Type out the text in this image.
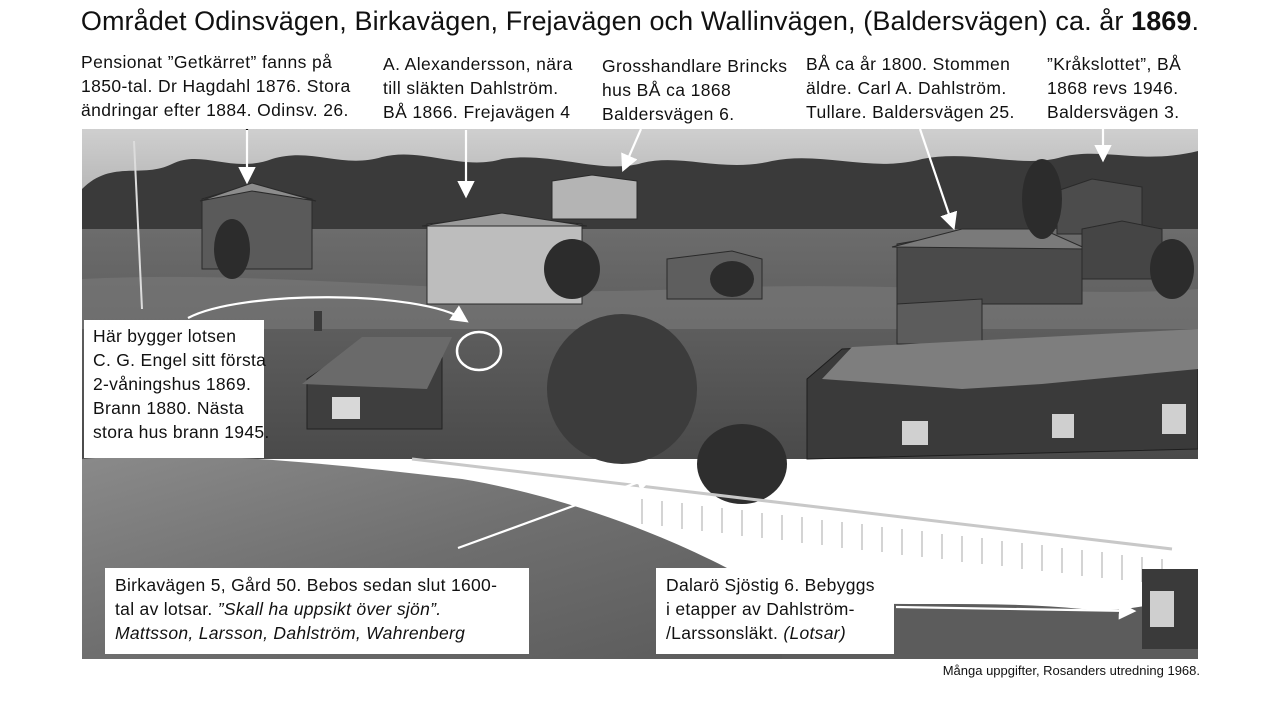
Området Odinsvägen, Birkavägen, Frejavägen och Wallinvägen, (Baldersvägen) ca. år 1869.
Pensionat ”Getkärret” fanns på
1850-tal. Dr Hagdahl 1876. Stora
ändringar efter 1884. Odinsv. 26.
A. Alexandersson, nära
till släkten Dahlström.
BÅ 1866. Frejavägen 4
Grosshandlare Brincks
hus BÅ ca 1868
Baldersvägen 6.
BÅ ca år 1800. Stommen
äldre. Carl A. Dahlström.
Tullare. Baldersvägen 25.
”Kråkslottet”, BÅ
1868 revs 1946.
Baldersvägen 3.
Här bygger lotsen
C. G. Engel sitt första
2-våningshus 1869.
Brann 1880. Nästa
stora hus brann 1945.
Birkavägen 5, Gård 50. Bebos sedan slut 1600-
tal av lotsar. ”Skall ha uppsikt över sjön”.
Mattsson, Larsson, Dahlström, Wahrenberg
Dalarö Sjöstig 6. Bebyggs
i etapper av Dahlström-
/Larssonsläkt. (Lotsar)
Många uppgifter, Rosanders utredning 1968.
